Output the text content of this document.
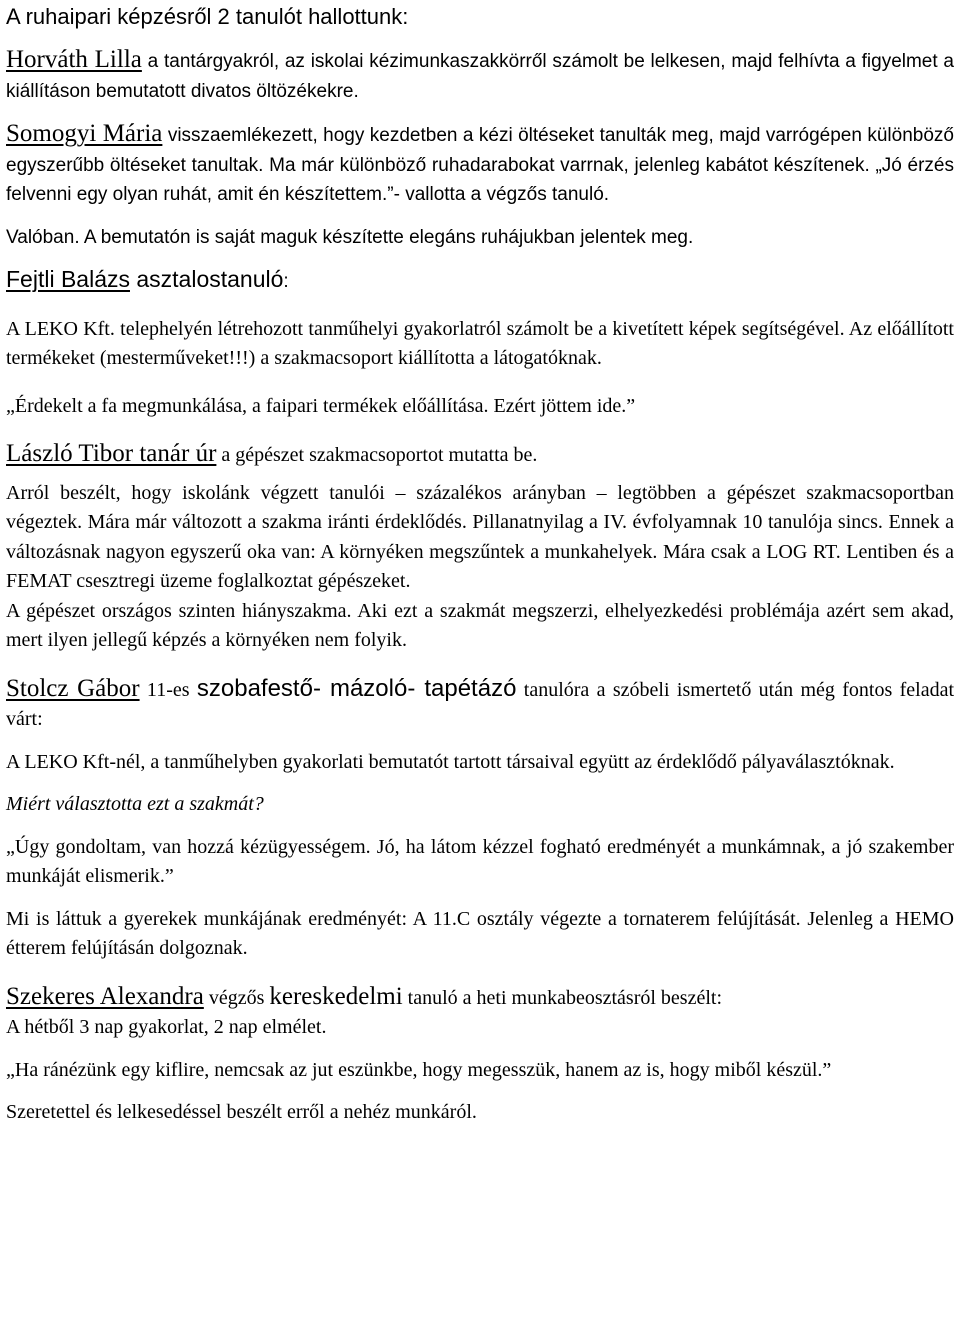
A ruhaipari képzésről 2 tanulót hallottunk:

Horváth Lilla a tantárgyakról, az iskolai kézimunkaszakkörről számolt be lelkesen, majd felhívta a figyelmet a kiállításon bemutatott divatos öltözékekre.

Somogyi Mária visszaemlékezett, hogy kezdetben a kézi öltéseket tanulták meg, majd varrógépen különböző egyszerűbb öltéseket tanultak. Ma már különböző ruhadarabokat varrnak, jelenleg kabátot készítenek. „Jó érzés felvenni egy olyan ruhát, amit én készítettem.”- vallotta a végzős tanuló.

Valóban. A bemutatón is saját maguk készítette elegáns ruhájukban jelentek meg.

Fejtli Balázs asztalostanuló:

A LEKO Kft. telephelyén létrehozott tanműhelyi gyakorlatról számolt be a kivetített képek segítségével. Az előállított termékeket (mesterműveket!!!) a szakmacsoport kiállította a látogatóknak.

„Érdekelt a fa megmunkálása, a faipari termékek előállítása. Ezért jöttem ide.”

László Tibor tanár úr a gépészet szakmacsoportot mutatta be.

Arról beszélt, hogy iskolánk végzett tanulói – százalékos arányban – legtöbben a gépészet szakmacsoportban végeztek. Mára már változott a szakma iránti érdeklődés. Pillanatnyilag a IV. évfolyamnak 10 tanulója sincs. Ennek a változásnak nagyon egyszerű oka van: A környéken megszűntek a munkahelyek. Mára csak a LOG RT. Lentiben és a FEMAT csesztregi üzeme foglalkoztat gépészeket.

A gépészet országos szinten hiányszakma. Aki ezt a szakmát megszerzi, elhelyezkedési problémája azért sem akad, mert ilyen jellegű képzés a környéken nem folyik.

Stolcz Gábor 11-es szobafestő- mázoló- tapétázó tanulóra a szóbeli ismertető után még fontos feladat várt:

A LEKO Kft-nél, a tanműhelyben gyakorlati bemutatót tartott társaival együtt az érdeklődő pályaválasztóknak.

Miért választotta ezt a szakmát?

„Úgy gondoltam, van hozzá kézügyességem. Jó, ha látom kézzel fogható eredményét a munkámnak, a jó szakember munkáját elismerik.”

Mi is láttuk a gyerekek munkájának eredményét: A 11.C osztály végezte a tornaterem felújítását. Jelenleg a HEMO étterem felújításán dolgoznak.

Szekeres Alexandra végzős kereskedelmi tanuló a heti munkabeosztásról beszélt:

A hétből 3 nap gyakorlat, 2 nap elmélet.

„Ha ránézünk egy kiflire, nemcsak az jut eszünkbe, hogy megesszük, hanem az is, hogy miből készül.”

Szeretettel és lelkesedéssel beszélt erről a nehéz munkáról.
